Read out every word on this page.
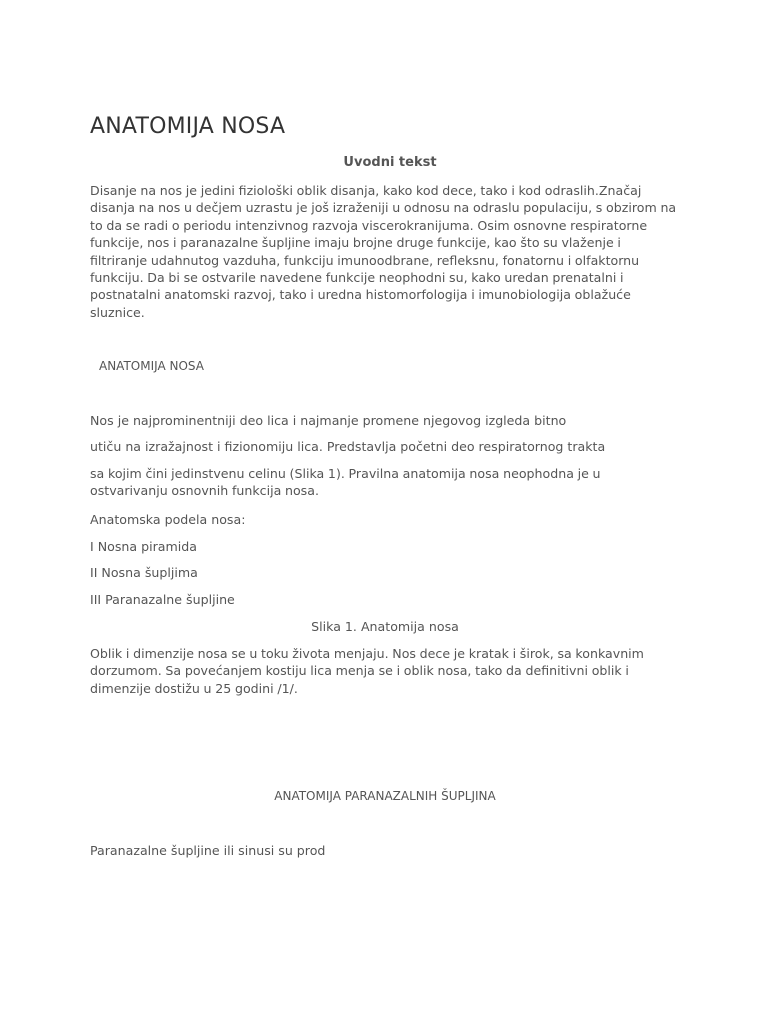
ANATOMIJA NOSA

Uvodni tekst

Disanje na nos je jedini fiziološki oblik disanja, kako kod dece, tako i kod odraslih.Značaj disanja na nos u dečjem uzrastu je još izraženiji u odnosu na odraslu populaciju, s obzirom na to da se radi o periodu intenzivnog razvoja viscerokranijuma. Osim osnovne respiratorne funkcije, nos i paranazalne šupljine imaju brojne druge funkcije, kao što su vlaženje i filtriranje udahnutog vazduha, funkciju imunoodbrane, refleksnu, fonatornu i olfaktornu funkciju. Da bi se ostvarile navedene funkcije neophodni su, kako uredan prenatalni i postnatalni anatomski razvoj, tako i uredna histomorfologija i imunobiologija oblažuće sluznice.

ANATOMIJA NOSA

Nos je najprominentniji deo lica i najmanje promene njegovog izgleda bitno

utiču na izražajnost i fizionomiju lica. Predstavlja početni deo respiratornog trakta

sa kojim čini jedinstvenu celinu (Slika 1). Pravilna anatomija nosa neophodna je u ostvarivanju osnovnih funkcija nosa.

Anatomska podela nosa:

I Nosna piramida

II Nosna šupljima

III Paranazalne šupljine

Slika 1. Anatomija nosa

Oblik i dimenzije nosa se u toku života menjaju. Nos dece je kratak i širok, sa konkavnim dorzumom. Sa povećanjem kostiju lica menja se i oblik nosa, tako da definitivni oblik i dimenzije dostižu u 25 godini /1/.

ANATOMIJA PARANAZALNIH ŠUPLJINA

Paranazalne šupljine ili sinusi su prod
